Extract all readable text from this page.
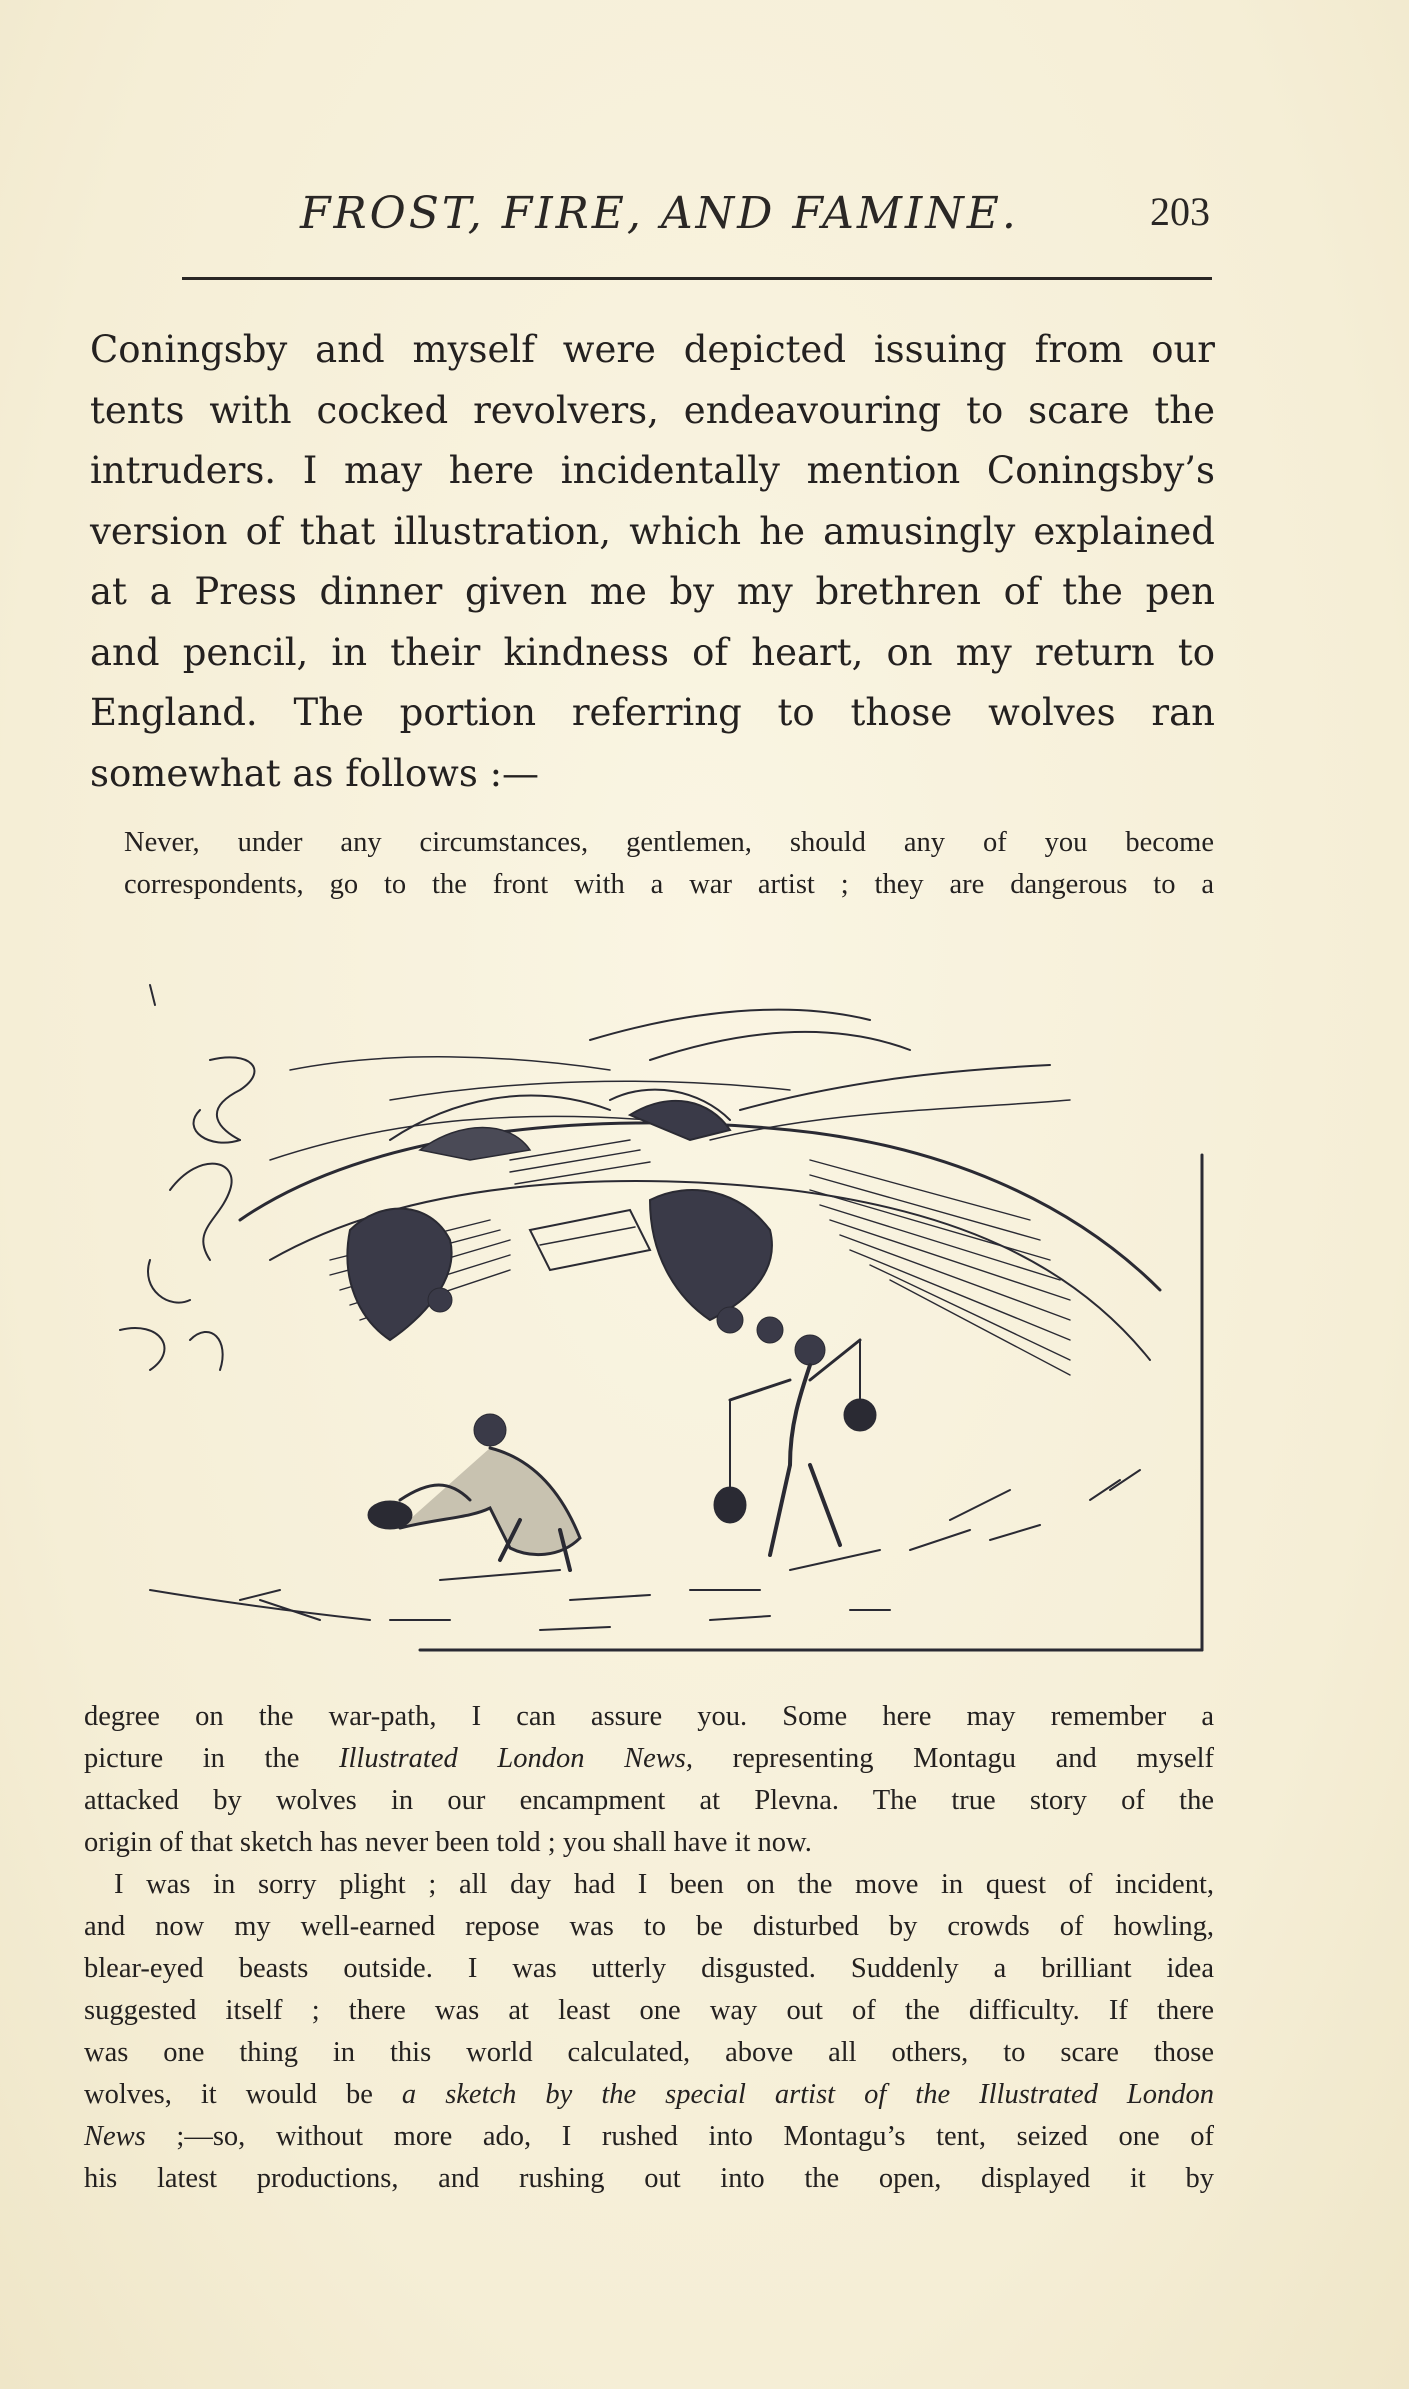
FROST, FIRE, AND FAMINE.	203
Coningsby and myself were depicted issuing from our
tents with cocked revolvers, endeavouring to scare the
intruders. I may here incidentally mention Coningsby’s
version of that illustration, which he amusingly explained
at a Press dinner given me by my brethren of the pen
and pencil, in their kindness of heart, on my return to
England. The portion referring to those wolves ran
somewhat as follows :—
Never, under any circumstances, gentlemen, should any of you become
correspondents, go to the front with a war artist ; they are dangerous to a
degree on the war-path, I can assure you. Some here may remember a
picture in the Illustrated London News, representing Montagu and myself
attacked by wolves in our encampment at Plevna. The true story of the
origin of that sketch has never been told ; you shall have it now.
I was in sorry plight ; all day had I been on the move in quest of incident,
and now my well-earned repose was to be disturbed by crowds of howling,
blear-eyed beasts outside. I was utterly disgusted. Suddenly a brilliant idea
suggested itself ; there was at least one way out of the difficulty. If there
was one thing in this world calculated, above all others, to scare those
wolves, it would be a sketch by the special artist of the Illustrated London
News ;—so, without more ado, I rushed into Montagu’s tent, seized one of
his latest productions, and rushing out into the open, displayed it by
